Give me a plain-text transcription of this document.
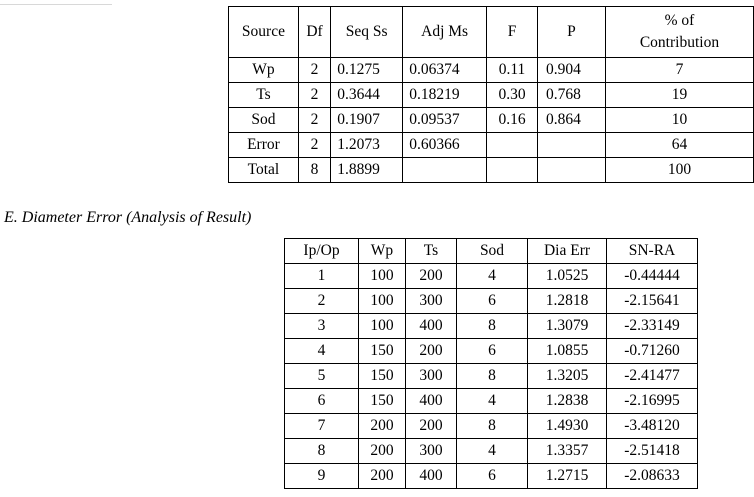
Source	Df	Seq Ss	Adj Ms	F	P	% of
Contribution
Wp	2	0.1275	0.06374	0.11	0.904	7
Ts	2	0.3644	0.18219	0.30	0.768	19
Sod	2	0.1907	0.09537	0.16	0.864	10
Error	2	1.2073	0.60366			64
Total	8	1.8899				100
E. Diameter Error (Analysis of Result)
Ip/Op	Wp	Ts	Sod	Dia Err	SN-RA
1	100	200	4	1.0525	-0.44444
2	100	300	6	1.2818	-2.15641
3	100	400	8	1.3079	-2.33149
4	150	200	6	1.0855	-0.71260
5	150	300	8	1.3205	-2.41477
6	150	400	4	1.2838	-2.16995
7	200	200	8	1.4930	-3.48120
8	200	300	4	1.3357	-2.51418
9	200	400	6	1.2715	-2.08633
